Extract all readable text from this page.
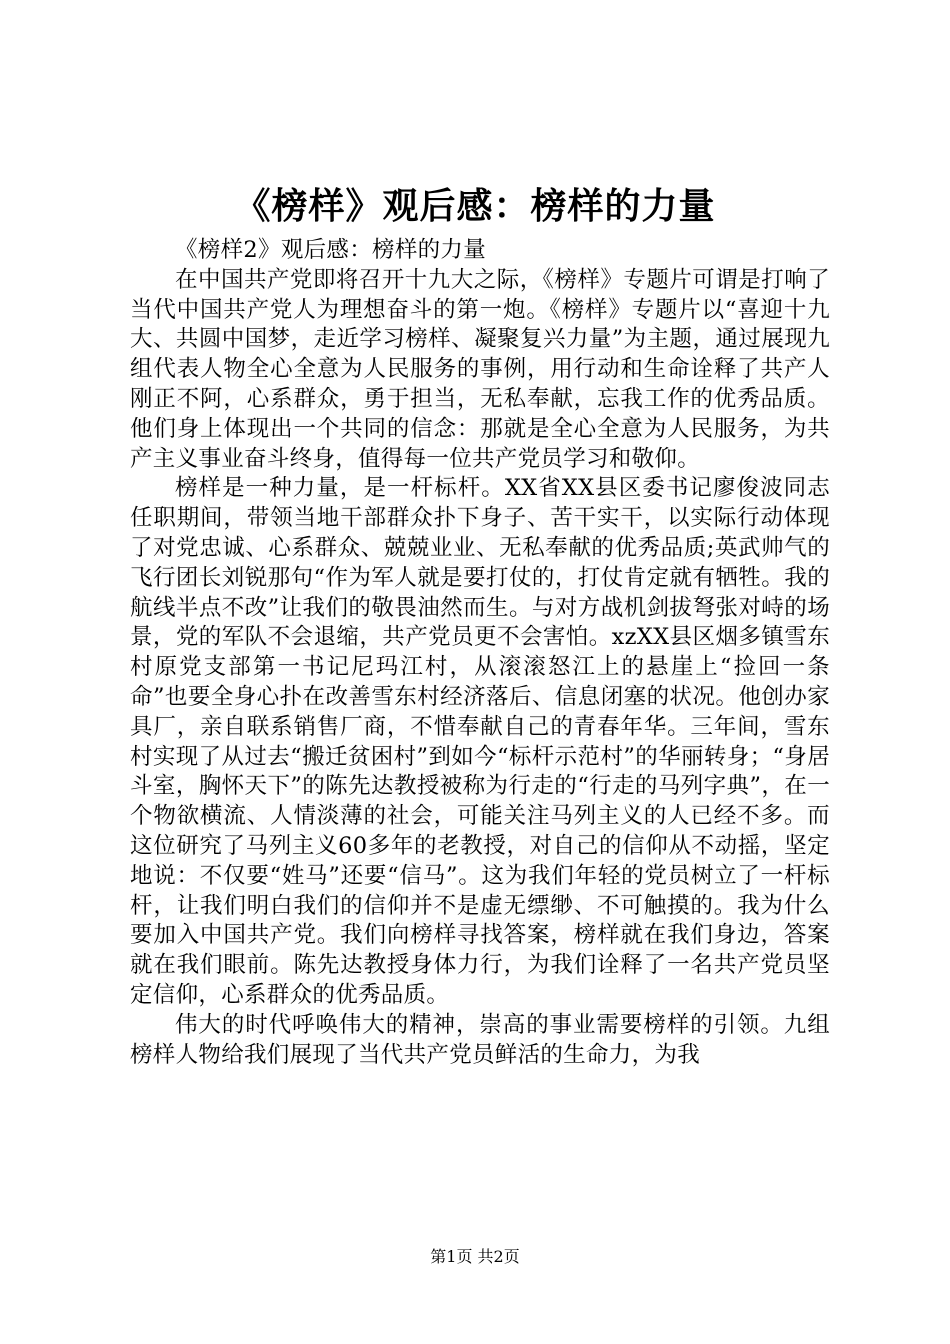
《榜样》观后感：榜样的力量

《榜样2》观后感：榜样的力量

在中国共产党即将召开十九大之际，《榜样》专题片可谓是打响了当代中国共产党人为理想奋斗的第一炮。《榜样》专题片以“喜迎十九大、共圆中国梦，走近学习榜样、凝聚复兴力量”为主题，通过展现九组代表人物全心全意为人民服务的事例，用行动和生命诠释了共产人刚正不阿，心系群众，勇于担当，无私奉献，忘我工作的优秀品质。他们身上体现出一个共同的信念：那就是全心全意为人民服务，为共产主义事业奋斗终身，值得每一位共产党员学习和敬仰。

榜样是一种力量，是一杆标杆。XX省XX县区委书记廖俊波同志任职期间，带领当地干部群众扑下身子、苦干实干，以实际行动体现了对党忠诚、心系群众、兢兢业业、无私奉献的优秀品质;英武帅气的飞行团长刘锐那句“作为军人就是要打仗的，打仗肯定就有牺牲。我的航线半点不改”让我们的敬畏油然而生。与对方战机剑拔弩张对峙的场景，党的军队不会退缩，共产党员更不会害怕。xzXX县区烟多镇雪东村原党支部第一书记尼玛江村，从滚滚怒江上的悬崖上“捡回一条命”也要全身心扑在改善雪东村经济落后、信息闭塞的状况。他创办家具厂，亲自联系销售厂商，不惜奉献自己的青春年华。三年间，雪东村实现了从过去“搬迁贫困村”到如今“标杆示范村”的华丽转身；“身居斗室，胸怀天下”的陈先达教授被称为行走的“行走的马列字典”，在一个物欲横流、人情淡薄的社会，可能关注马列主义的人已经不多。而这位研究了马列主义60多年的老教授，对自己的信仰从不动摇，坚定地说：不仅要“姓马”还要“信马”。这为我们年轻的党员树立了一杆标杆，让我们明白我们的信仰并不是虚无缥缈、不可触摸的。我为什么要加入中国共产党。我们向榜样寻找答案，榜样就在我们身边，答案就在我们眼前。陈先达教授身体力行，为我们诠释了一名共产党员坚定信仰，心系群众的优秀品质。

伟大的时代呼唤伟大的精神，崇高的事业需要榜样的引领。九组榜样人物给我们展现了当代共产党员鲜活的生命力，为我

第1页 共2页
